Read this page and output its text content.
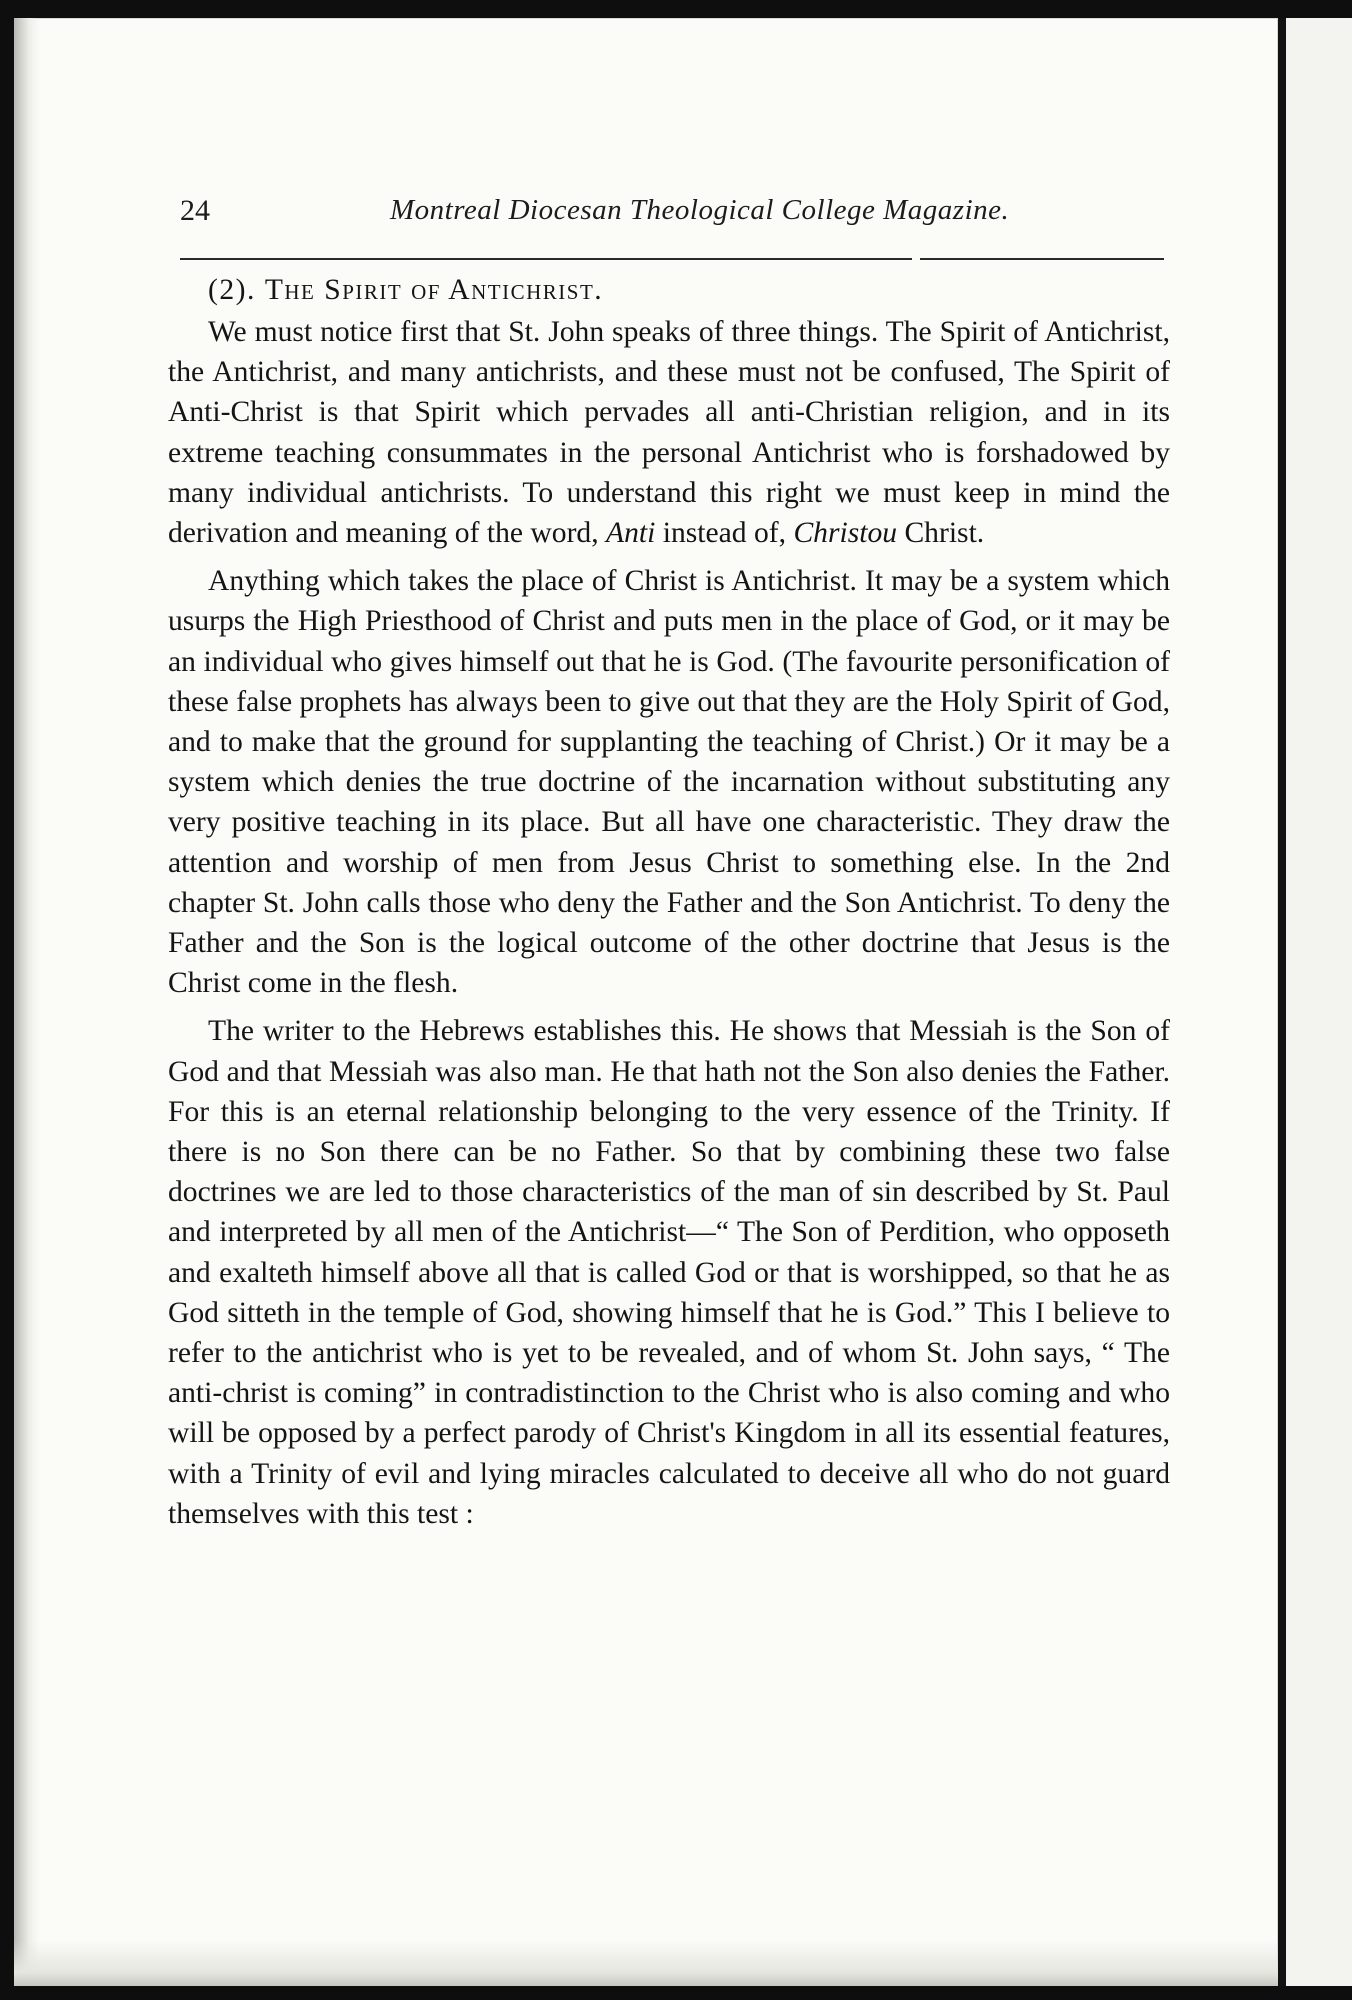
24	Montreal Diocesan Theological College Magazine.
(2). The Spirit of Antichrist.

We must notice first that St. John speaks of three things. The Spirit of Antichrist, the Antichrist, and many antichrists, and these must not be confused, The Spirit of Anti-Christ is that Spirit which pervades all anti-Christian religion, and in its extreme teaching consummates in the personal Antichrist who is forshadowed by many individual antichrists. To understand this right we must keep in mind the derivation and meaning of the word, Anti instead of, Christou Christ.

Anything which takes the place of Christ is Antichrist. It may be a system which usurps the High Priesthood of Christ and puts men in the place of God, or it may be an individual who gives himself out that he is God. (The favourite personification of these false prophets has always been to give out that they are the Holy Spirit of God, and to make that the ground for supplanting the teaching of Christ.) Or it may be a system which denies the true doctrine of the incarnation without substituting any very positive teaching in its place. But all have one characteristic. They draw the attention and worship of men from Jesus Christ to something else. In the 2nd chapter St. John calls those who deny the Father and the Son Antichrist. To deny the Father and the Son is the logical outcome of the other doctrine that Jesus is the Christ come in the flesh.

The writer to the Hebrews establishes this. He shows that Messiah is the Son of God and that Messiah was also man. He that hath not the Son also denies the Father. For this is an eternal relationship belonging to the very essence of the Trinity. If there is no Son there can be no Father. So that by combining these two false doctrines we are led to those characteristics of the man of sin described by St. Paul and interpreted by all men of the Antichrist—“ The Son of Perdition, who opposeth and exalteth himself above all that is called God or that is worshipped, so that he as God sitteth in the temple of God, showing himself that he is God.” This I believe to refer to the antichrist who is yet to be revealed, and of whom St. John says, “ The anti-christ is coming” in contradistinction to the Christ who is also coming and who will be opposed by a perfect parody of Christ's Kingdom in all its essential features, with a Trinity of evil and lying miracles calculated to deceive all who do not guard themselves with this test :
